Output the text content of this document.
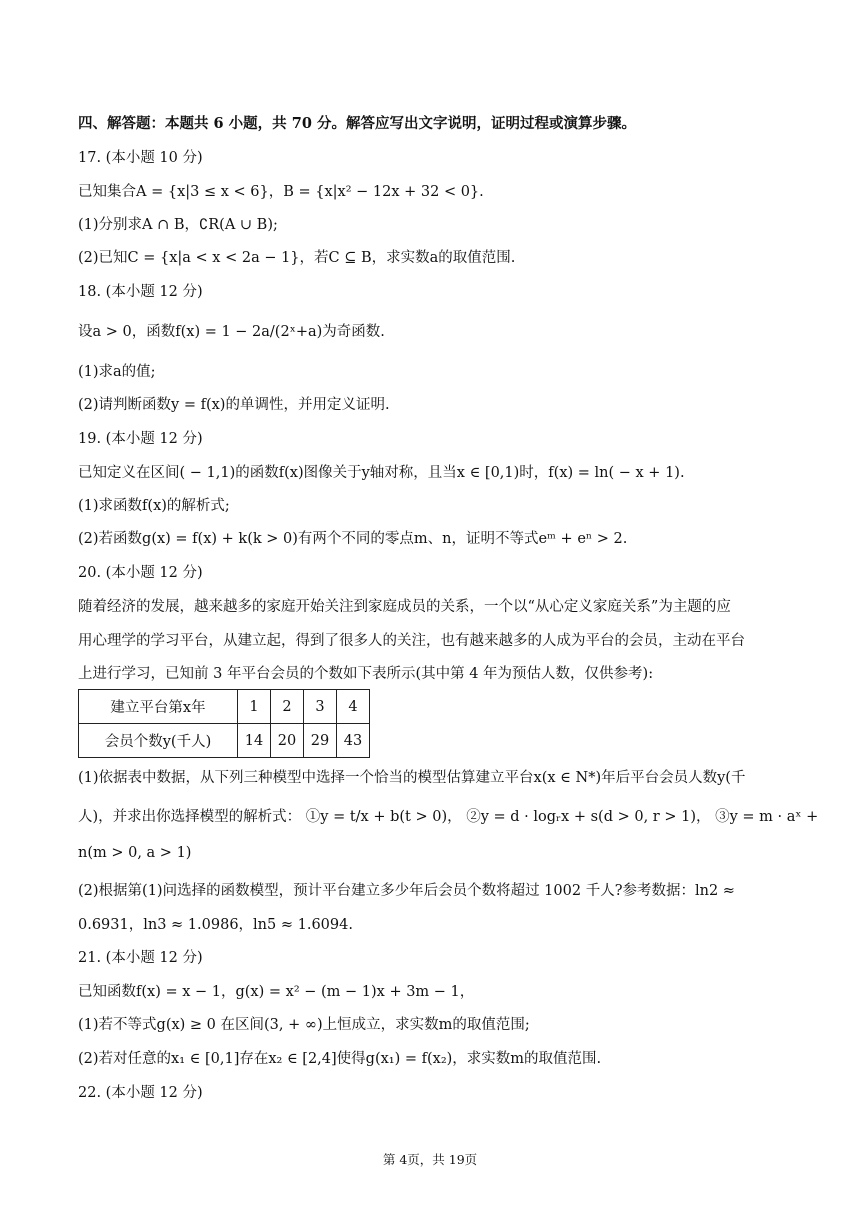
四、解答题：本题共 6 小题，共 70 分。解答应写出文字说明，证明过程或演算步骤。
17. (本小题 10 分)
已知集合A = {x|3 ≤ x < 6}，B = {x|x² − 12x + 32 < 0}.
(1)分别求A ∩ B，∁R(A ∪ B);
(2)已知C = {x|a < x < 2a − 1}，若C ⊆ B，求实数a的取值范围.
18. (本小题 12 分)
设a > 0，函数f(x) = 1 − 2a/(2ˣ+a)为奇函数.
(1)求a的值;
(2)请判断函数y = f(x)的单调性，并用定义证明.
19. (本小题 12 分)
已知定义在区间( − 1,1)的函数f(x)图像关于y轴对称，且当x ∈ [0,1)时，f(x) = ln( − x + 1).
(1)求函数f(x)的解析式;
(2)若函数g(x) = f(x) + k(k > 0)有两个不同的零点m、n，证明不等式eᵐ + eⁿ > 2.
20. (本小题 12 分)
随着经济的发展，越来越多的家庭开始关注到家庭成员的关系，一个以“从心定义家庭关系”为主题的应
用心理学的学习平台，从建立起，得到了很多人的关注，也有越来越多的人成为平台的会员，主动在平台
上进行学习，已知前 3 年平台会员的个数如下表所示(其中第 4 年为预估人数，仅供参考):
建立平台第x年	1	2	3	4
会员个数y(千人)	14	20	29	43
(1)依据表中数据，从下列三种模型中选择一个恰当的模型估算建立平台x(x ∈ N*)年后平台会员人数y(千
人)，并求出你选择模型的解析式： ①y = t/x + b(t > 0)， ②y = d · logᵣx + s(d > 0, r > 1)， ③y = m · aˣ +
n(m > 0, a > 1)
(2)根据第(1)问选择的函数模型，预计平台建立多少年后会员个数将超过 1002 千人?参考数据：ln2 ≈
0.6931，ln3 ≈ 1.0986，ln5 ≈ 1.6094.
21. (本小题 12 分)
已知函数f(x) = x − 1，g(x) = x² − (m − 1)x + 3m − 1，
(1)若不等式g(x) ≥ 0 在区间(3, + ∞)上恒成立，求实数m的取值范围;
(2)若对任意的x₁ ∈ [0,1]存在x₂ ∈ [2,4]使得g(x₁) = f(x₂)，求实数m的取值范围.
22. (本小题 12 分)
第 4页，共 19页
